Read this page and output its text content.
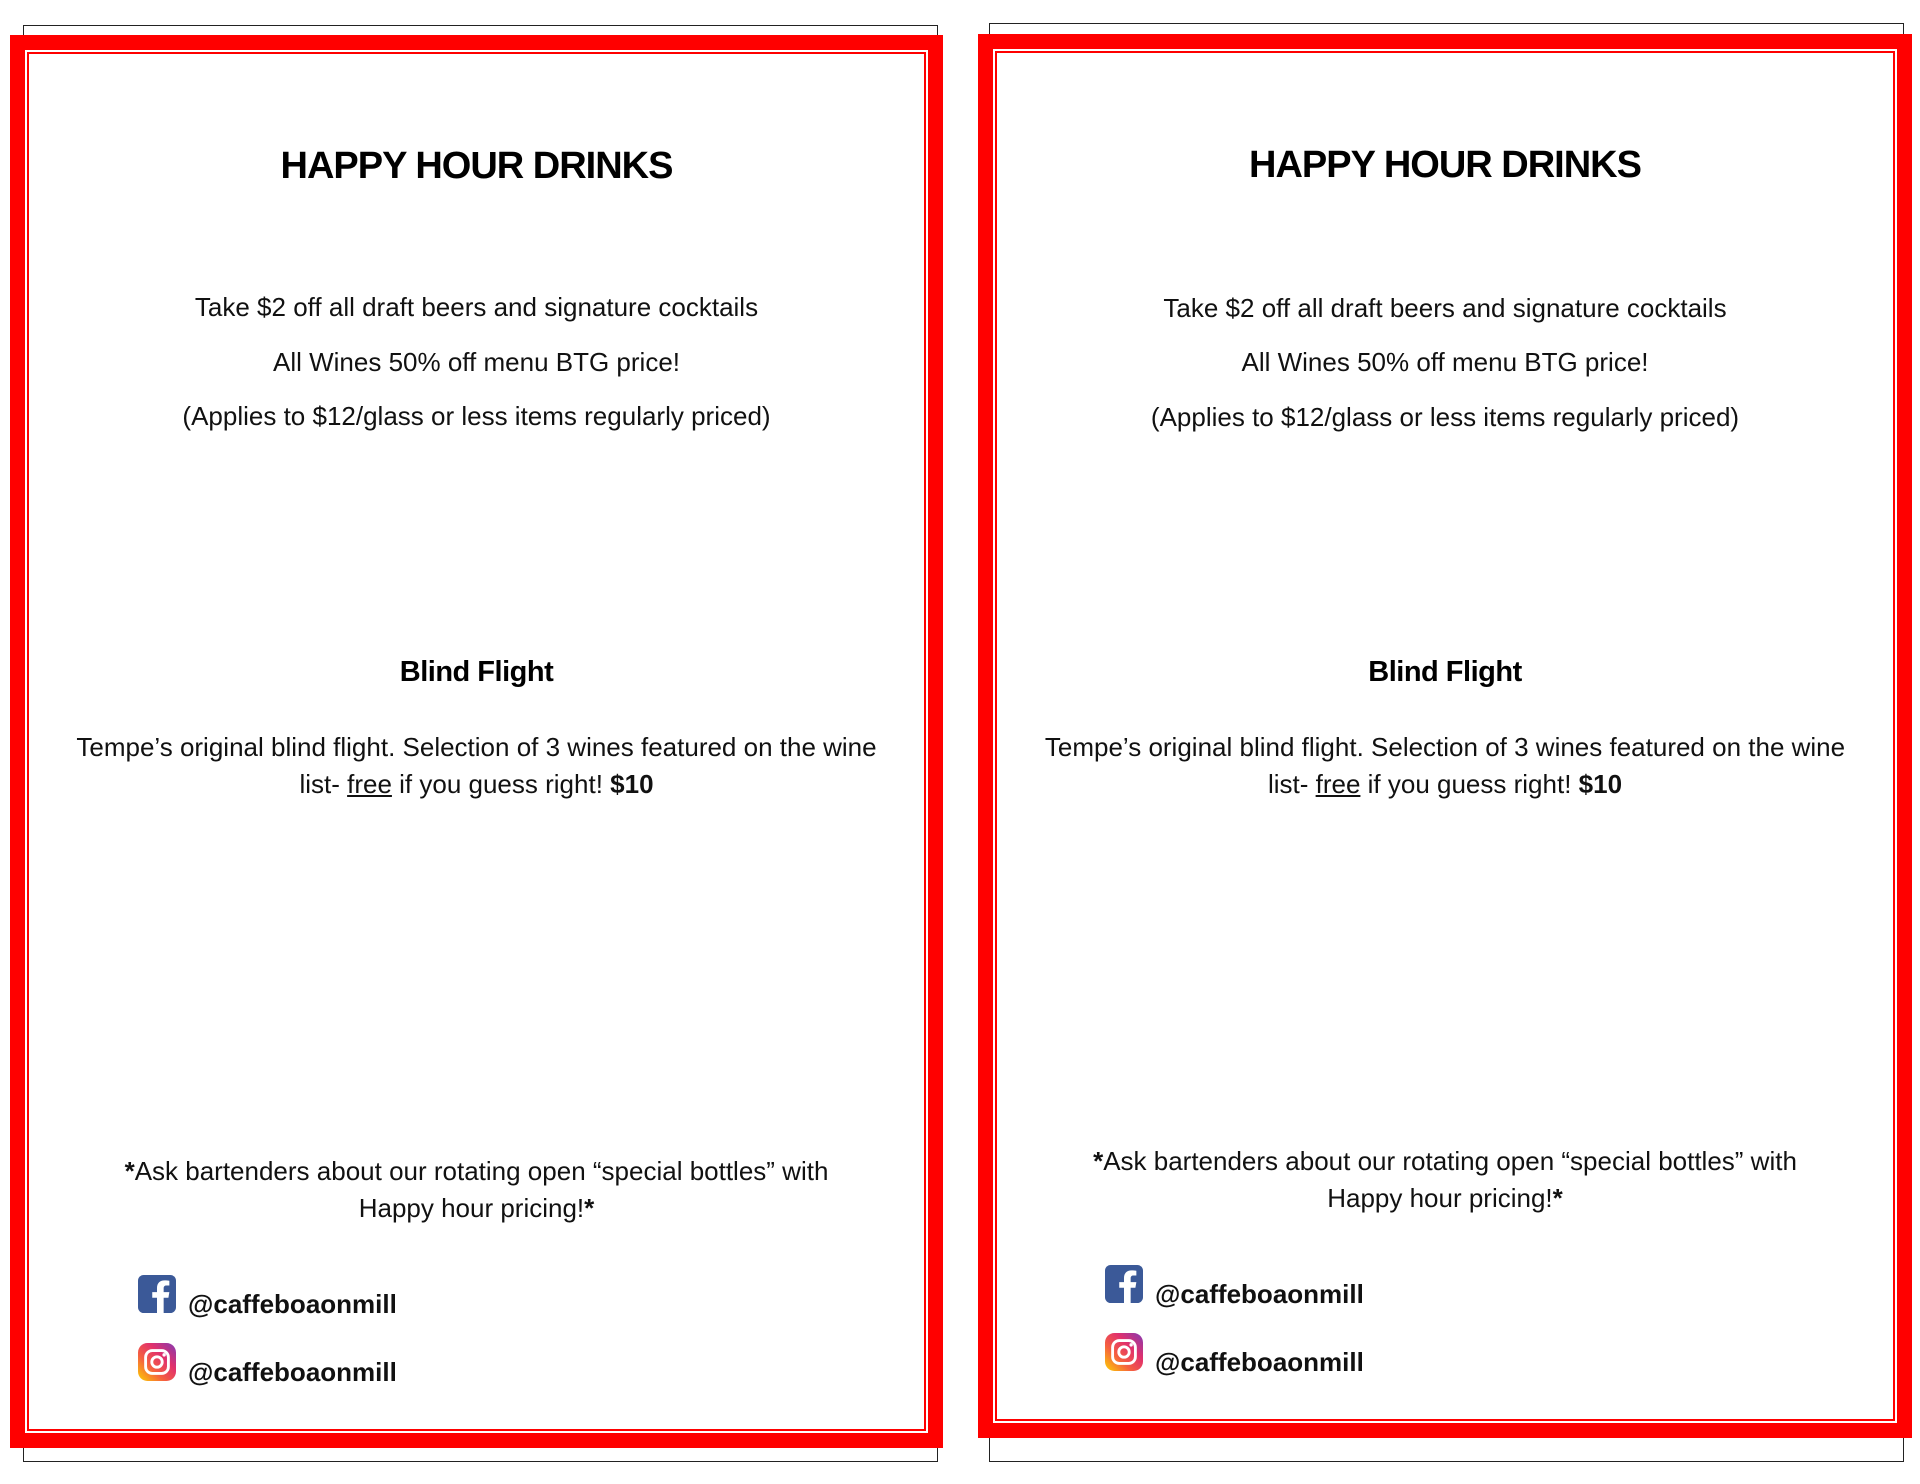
HAPPY HOUR DRINKS
Take $2 off all draft beers and signature cocktails
All Wines 50% off menu BTG price!
(Applies to $12/glass or less items regularly priced)
Blind Flight
Tempe’s original blind flight. Selection of 3 wines featured on the wine list- free if you guess right! $10
*Ask bartenders about our rotating open “special bottles” with Happy hour pricing!*
@caffeboaonmill
@caffeboaonmill
HAPPY HOUR DRINKS
Take $2 off all draft beers and signature cocktails
All Wines 50% off menu BTG price!
(Applies to $12/glass or less items regularly priced)
Blind Flight
Tempe’s original blind flight. Selection of 3 wines featured on the wine list- free if you guess right! $10
*Ask bartenders about our rotating open “special bottles” with Happy hour pricing!*
@caffeboaonmill
@caffeboaonmill
